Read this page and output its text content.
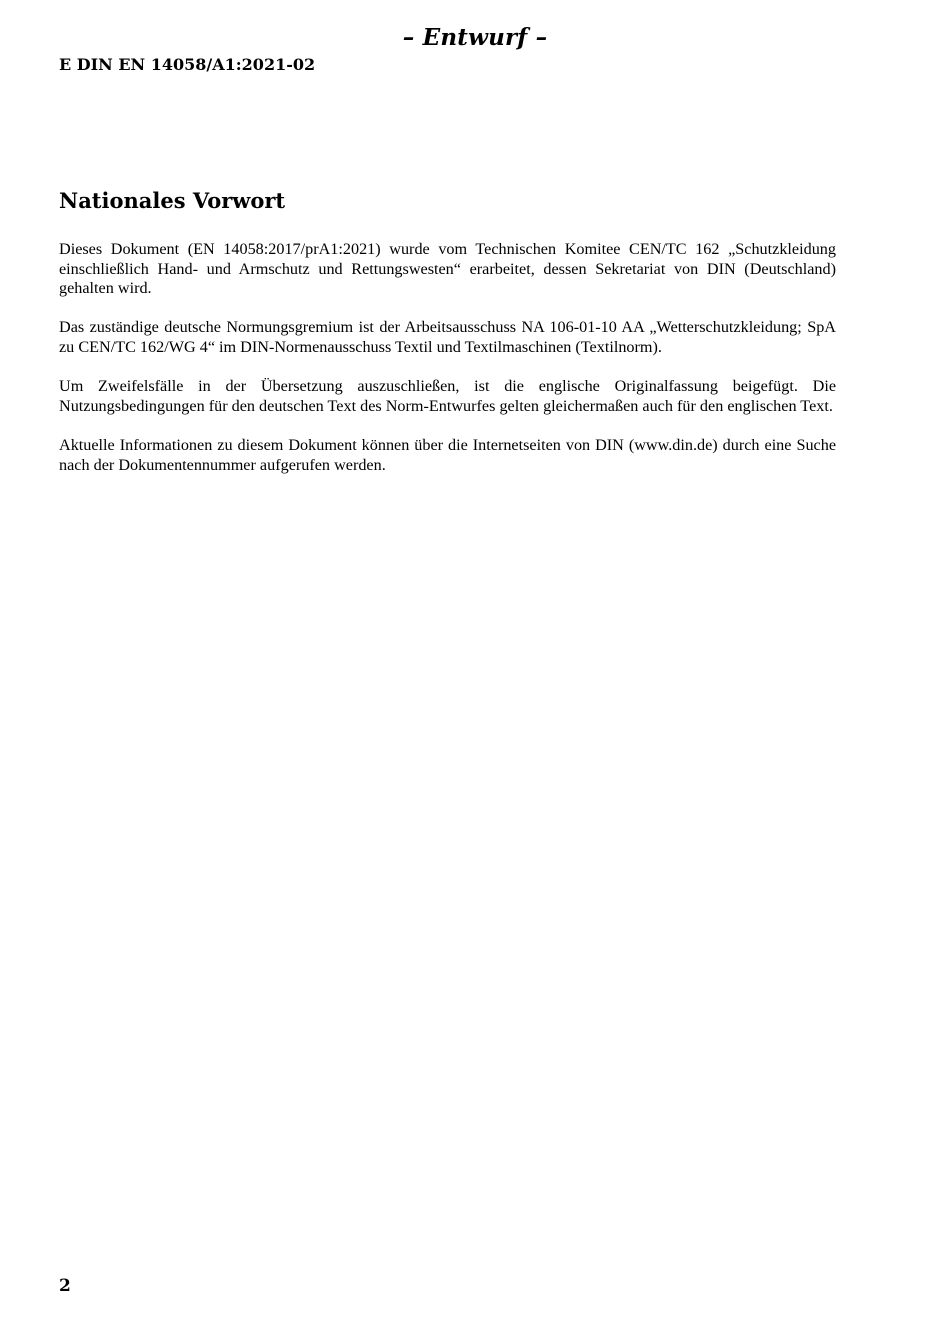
– Entwurf –
E DIN EN 14058/A1:2021-02
Nationales Vorwort

Dieses Dokument (EN 14058:2017/prA1:2021) wurde vom Technischen Komitee CEN/TC 162 „Schutzkleidung einschließlich Hand- und Armschutz und Rettungswesten“ erarbeitet, dessen Sekretariat von DIN (Deutschland) gehalten wird.

Das zuständige deutsche Normungsgremium ist der Arbeitsausschuss NA 106-01-10 AA „Wetterschutzkleidung; SpA zu CEN/TC 162/WG 4“ im DIN-Normenausschuss Textil und Textilmaschinen (Textilnorm).

Um Zweifelsfälle in der Übersetzung auszuschließen, ist die englische Originalfassung beigefügt. Die Nutzungsbedingungen für den deutschen Text des Norm-Entwurfes gelten gleichermaßen auch für den englischen Text.

Aktuelle Informationen zu diesem Dokument können über die Internetseiten von DIN (www.din.de) durch eine Suche nach der Dokumentennummer aufgerufen werden.

2
